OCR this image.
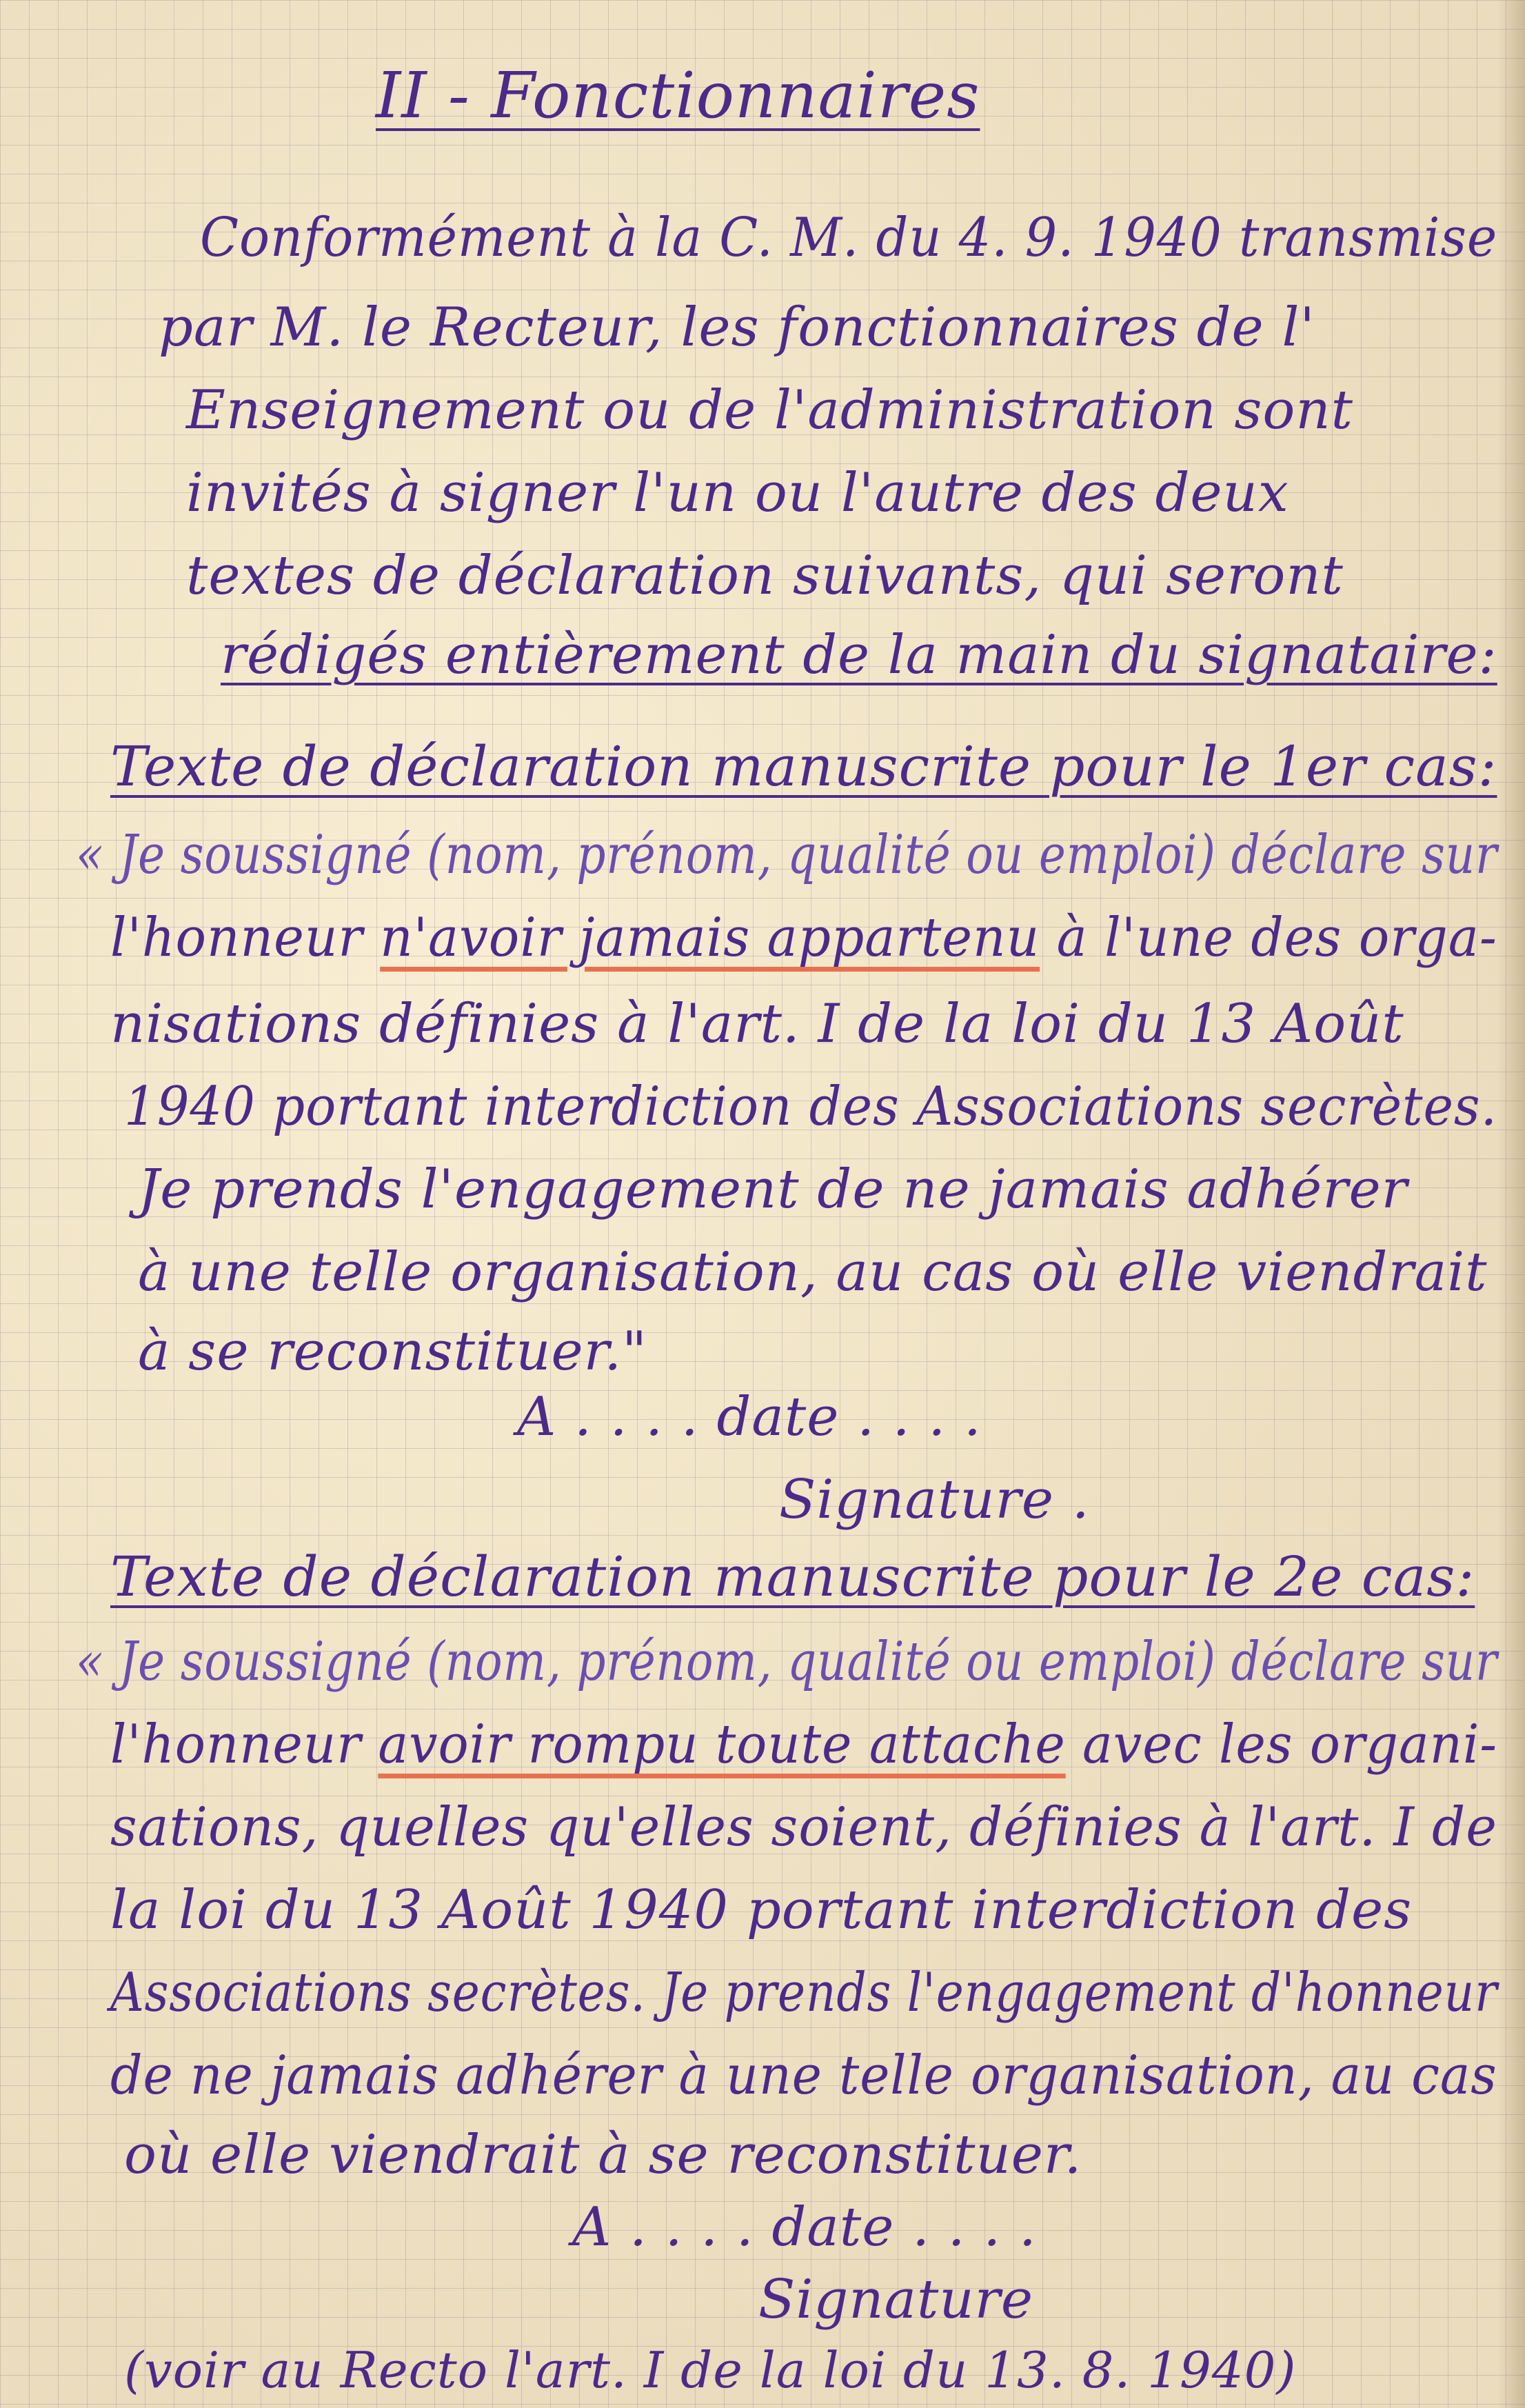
II - Fonctionnaires
Conformément à la C. M. du 4. 9. 1940 transmise
par M. le Recteur, les fonctionnaires de l'
Enseignement ou de l'administration sont
invités à signer l'un ou l'autre des deux
textes de déclaration suivants, qui seront
rédigés entièrement de la main du signataire:
Texte de déclaration manuscrite pour le 1er cas:
« Je soussigné (nom, prénom, qualité ou emploi) déclare sur
l'honneur n'avoir jamais appartenu à l'une des orga-
nisations définies à l'art. I de la loi du 13 Août
1940 portant interdiction des Associations secrètes.
Je prends l'engagement de ne jamais adhérer
à une telle organisation, au cas où elle viendrait
à se reconstituer."
A . . . . date . . . .
Signature .
Texte de déclaration manuscrite pour le 2e cas:
« Je soussigné (nom, prénom, qualité ou emploi) déclare sur
l'honneur avoir rompu toute attache avec les organi-
sations, quelles qu'elles soient, définies à l'art. I de
la loi du 13 Août 1940 portant interdiction des
Associations secrètes. Je prends l'engagement d'honneur
de ne jamais adhérer à une telle organisation, au cas
où elle viendrait à se reconstituer.
A . . . . date . . . .
Signature
(voir au Recto l'art. I de la loi du 13. 8. 1940)
